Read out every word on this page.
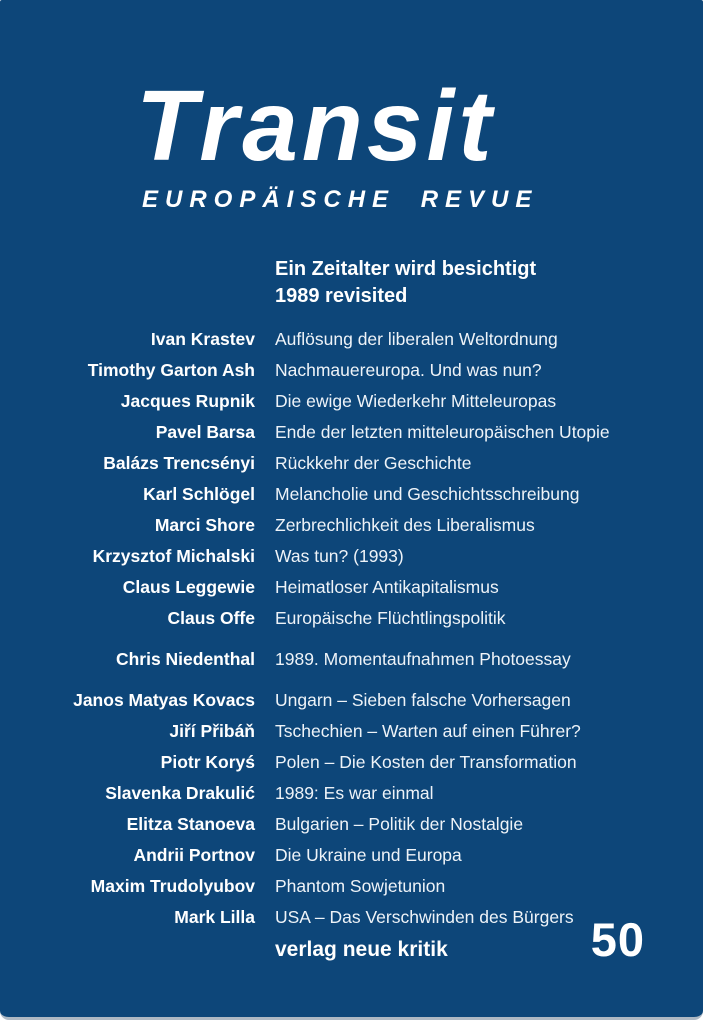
Transit
EUROPÄISCHE REVUE
Ein Zeitalter wird besichtigt
1989 revisited
Ivan Krastev	Auflösung der liberalen Weltordnung
Timothy Garton Ash	Nachmauereuropa. Und was nun?
Jacques Rupnik	Die ewige Wiederkehr Mitteleuropas
Pavel Barsa	Ende der letzten mitteleuropäischen Utopie
Balázs Trencsényi	Rückkehr der Geschichte
Karl Schlögel	Melancholie und Geschichtsschreibung
Marci Shore	Zerbrechlichkeit des Liberalismus
Krzysztof Michalski	Was tun? (1993)
Claus Leggewie	Heimatloser Antikapitalismus
Claus Offe	Europäische Flüchtlingspolitik
Chris Niedenthal	1989. Momentaufnahmen Photoessay
Janos Matyas Kovacs	Ungarn – Sieben falsche Vorhersagen
Jiří Přibáň	Tschechien – Warten auf einen Führer?
Piotr Koryś	Polen – Die Kosten der Transformation
Slavenka Drakulić	1989: Es war einmal
Elitza Stanoeva	Bulgarien – Politik der Nostalgie
Andrii Portnov	Die Ukraine und Europa
Maxim Trudolyubov	Phantom Sowjetunion
Mark Lilla	USA – Das Verschwinden des Bürgers
verlag neue kritik	50
